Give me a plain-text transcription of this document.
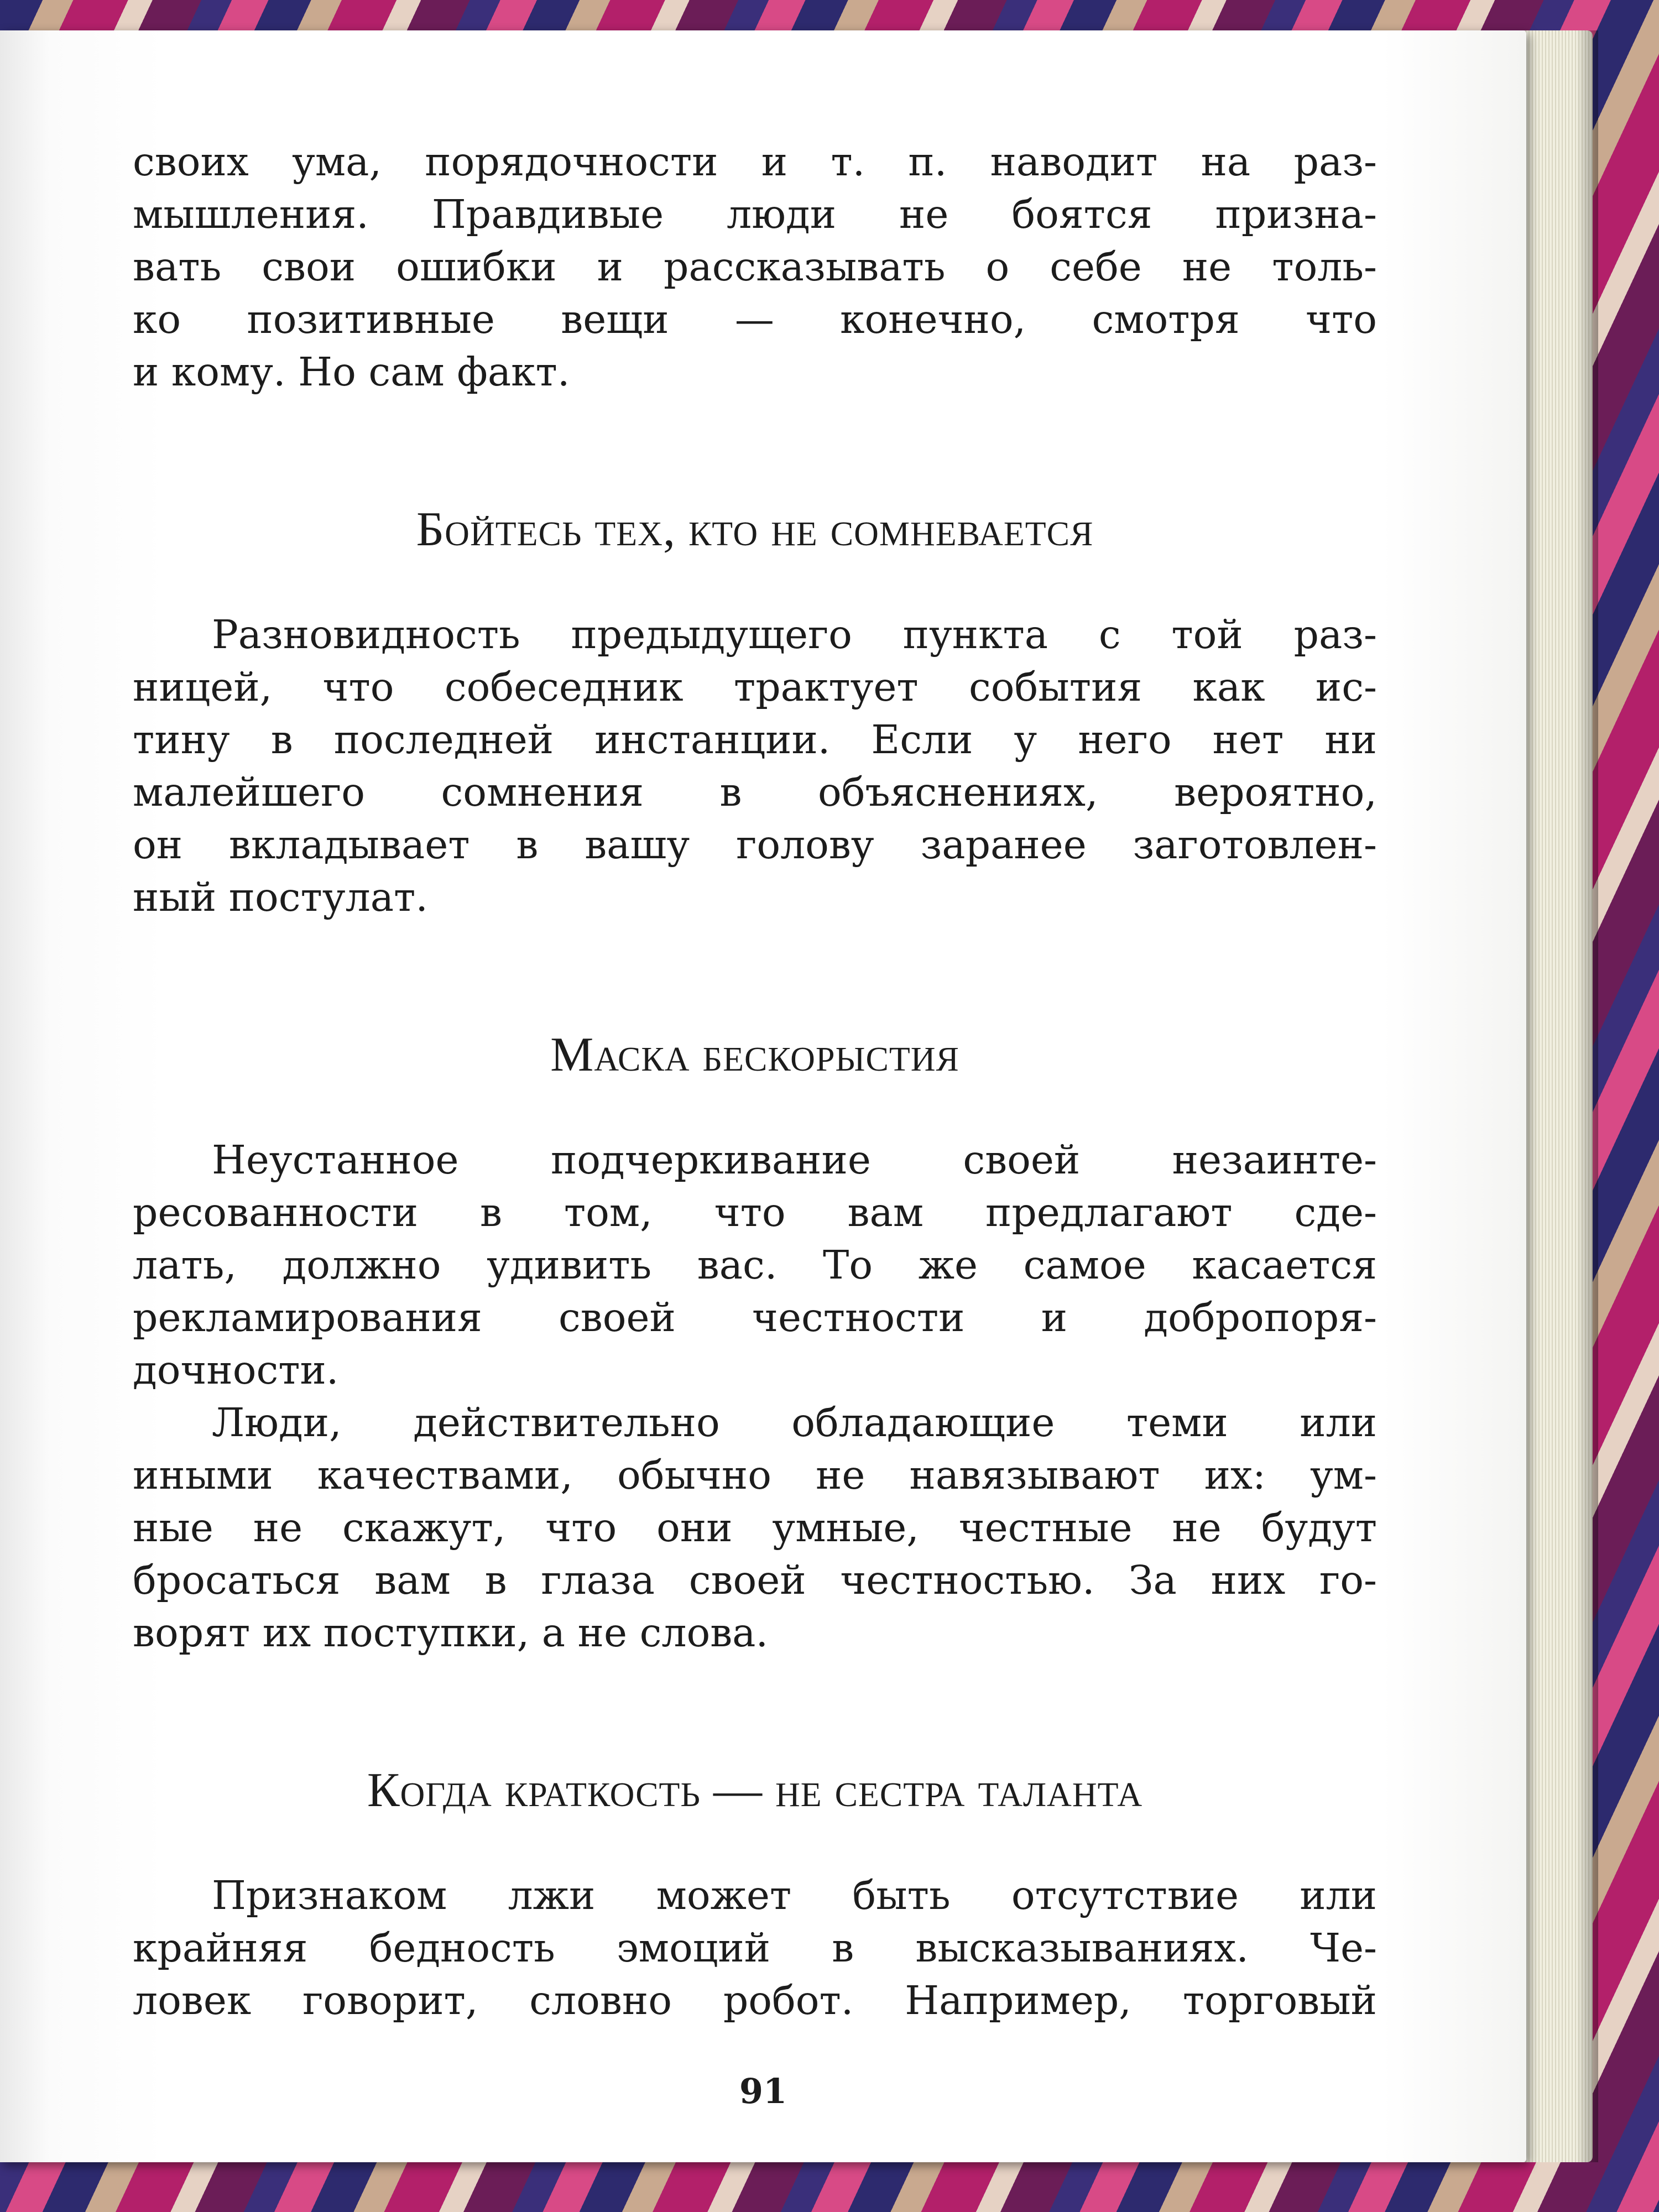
своих ума, порядочности и т. п. наводит на раз-
мышления. Правдивые люди не боятся призна-
вать свои ошибки и рассказывать о себе не толь-
ко позитивные вещи — конечно, смотря что
и кому. Но сам факт.
Бойтесь тех, кто не сомневается
Разновидность предыдущего пункта с той раз-
ницей, что собеседник трактует события как ис-
тину в последней инстанции. Если у него нет ни
малейшего сомнения в объяснениях, вероятно,
он вкладывает в вашу голову заранее заготовлен-
ный постулат.
Маска бескорыстия
Неустанное подчеркивание своей незаинте-
ресованности в том, что вам предлагают сде-
лать, должно удивить вас. То же самое касается
рекламирования своей честности и добропоря-
дочности.
Люди, действительно обладающие теми или
иными качествами, обычно не навязывают их: ум-
ные не скажут, что они умные, честные не будут
бросаться вам в глаза своей честностью. За них го-
ворят их поступки, а не слова.
Когда краткость — не сестра таланта
Признаком лжи может быть отсутствие или
крайняя бедность эмоций в высказываниях. Че-
ловек говорит, словно робот. Например, торговый
91
